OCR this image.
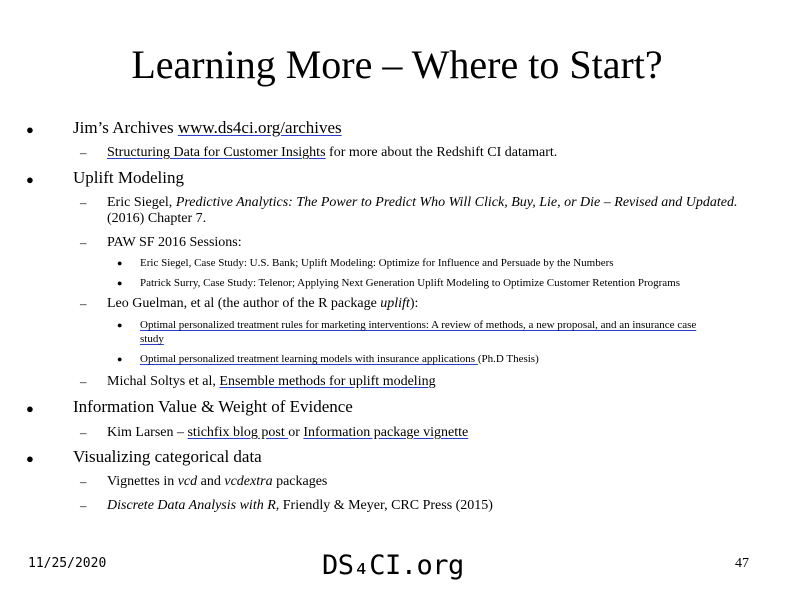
Learning More – Where to Start?
● Jim’s Archives www.ds4ci.org/archives
– Structuring Data for Customer Insights for more about the Redshift CI datamart.
● Uplift Modeling
– Eric Siegel, Predictive Analytics: The Power to Predict Who Will Click, Buy, Lie, or Die – Revised and Updated.
(2016) Chapter 7.
– PAW SF 2016 Sessions:
● Eric Siegel, Case Study: U.S. Bank; Uplift Modeling: Optimize for Influence and Persuade by the Numbers
● Patrick Surry, Case Study: Telenor; Applying Next Generation Uplift Modeling to Optimize Customer Retention Programs
– Leo Guelman, et al (the author of the R package uplift):
● Optimal personalized treatment rules for marketing interventions: A review of methods, a new proposal, and an insurance case
study
● Optimal personalized treatment learning models with insurance applications (Ph.D Thesis)
– Michal Soltys et al, Ensemble methods for uplift modeling
● Information Value & Weight of Evidence
– Kim Larsen – stichfix blog post or Information package vignette
● Visualizing categorical data
– Vignettes in vcd and vcdextra packages
– Discrete Data Analysis with R, Friendly & Meyer, CRC Press (2015)
11/25/2020	DS₄CI.org	47
